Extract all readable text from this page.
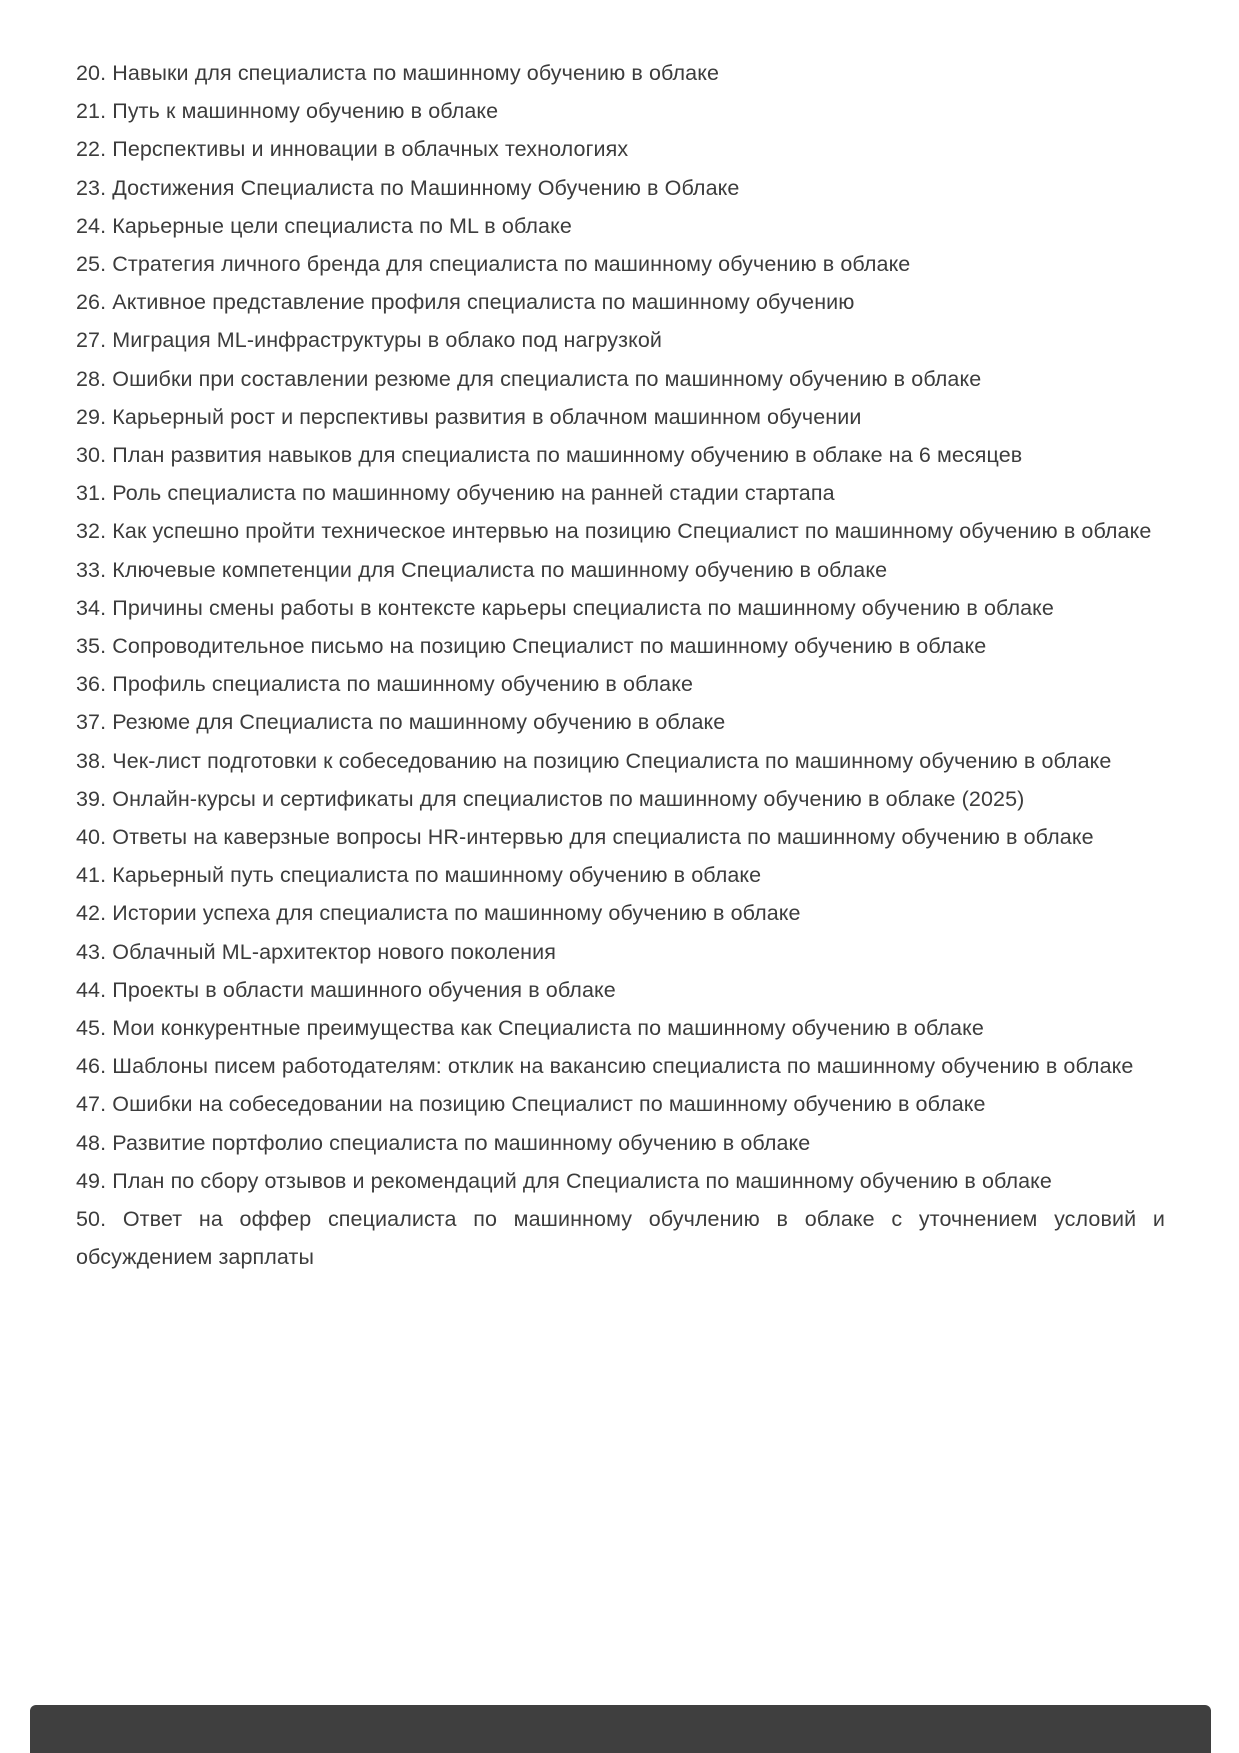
20. Навыки для специалиста по машинному обучению в облаке

21. Путь к машинному обучению в облаке

22. Перспективы и инновации в облачных технологиях

23. Достижения Специалиста по Машинному Обучению в Облаке

24. Карьерные цели специалиста по ML в облаке

25. Стратегия личного бренда для специалиста по машинному обучению в облаке

26. Активное представление профиля специалиста по машинному обучению

27. Миграция ML-инфраструктуры в облако под нагрузкой

28. Ошибки при составлении резюме для специалиста по машинному обучению в облаке

29. Карьерный рост и перспективы развития в облачном машинном обучении

30. План развития навыков для специалиста по машинному обучению в облаке на 6 месяцев

31. Роль специалиста по машинному обучению на ранней стадии стартапа

32. Как успешно пройти техническое интервью на позицию Специалист по машинному обучению в облаке

33. Ключевые компетенции для Специалиста по машинному обучению в облаке

34. Причины смены работы в контексте карьеры специалиста по машинному обучению в облаке

35. Сопроводительное письмо на позицию Специалист по машинному обучению в облаке

36. Профиль специалиста по машинному обучению в облаке

37. Резюме для Специалиста по машинному обучению в облаке

38. Чек-лист подготовки к собеседованию на позицию Специалиста по машинному обучению в облаке

39. Онлайн-курсы и сертификаты для специалистов по машинному обучению в облаке (2025)

40. Ответы на каверзные вопросы HR-интервью для специалиста по машинному обучению в облаке

41. Карьерный путь специалиста по машинному обучению в облаке

42. Истории успеха для специалиста по машинному обучению в облаке

43. Облачный ML-архитектор нового поколения

44. Проекты в области машинного обучения в облаке

45. Мои конкурентные преимущества как Специалиста по машинному обучению в облаке

46. Шаблоны писем работодателям: отклик на вакансию специалиста по машинному обучению в облаке

47. Ошибки на собеседовании на позицию Специалист по машинному обучению в облаке

48. Развитие портфолио специалиста по машинному обучению в облаке

49. План по сбору отзывов и рекомендаций для Специалиста по машинному обучению в облаке

50. Ответ на оффер специалиста по машинному обучлению в облаке с уточнением условий и обсуждением зарплаты
